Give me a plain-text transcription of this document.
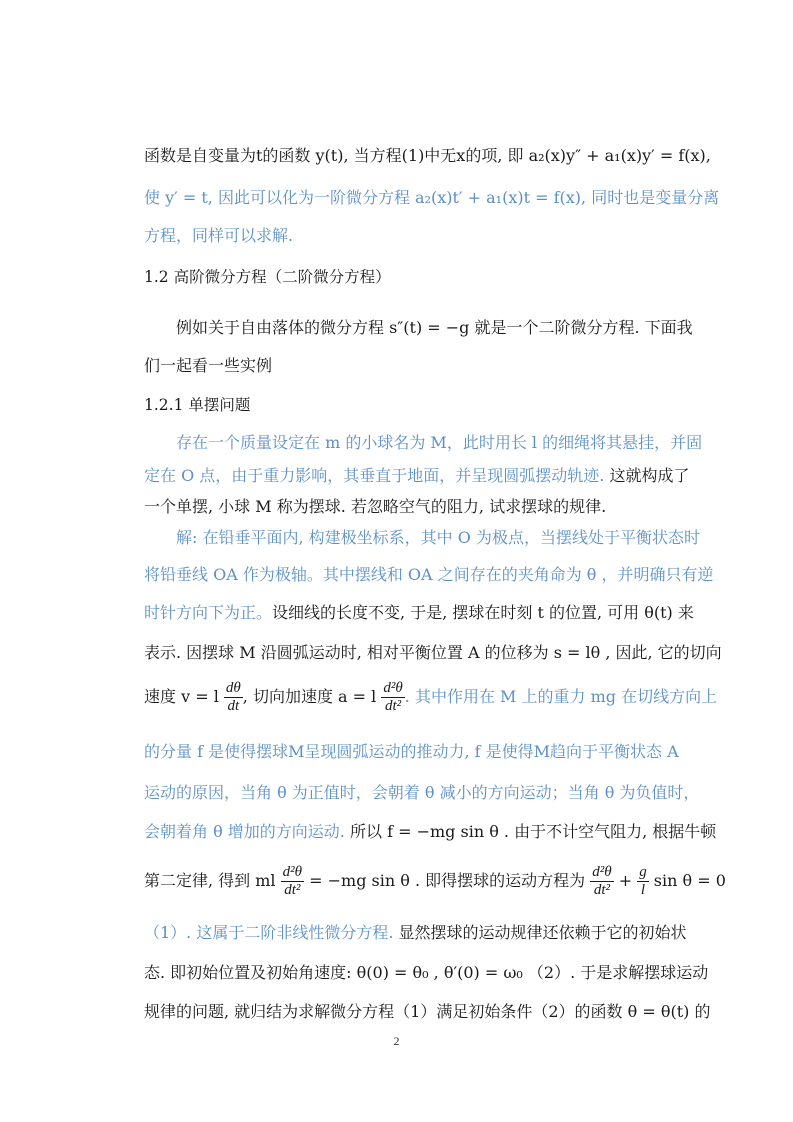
函数是自变量为t的函数 y(t), 当方程(1)中无x的项, 即 a₂(x)y″ + a₁(x)y′ = f(x),
使 y′ = t, 因此可以化为一阶微分方程 a₂(x)t′ + a₁(x)t = f(x), 同时也是变量分离
方程，同样可以求解.
1.2 高阶微分方程（二阶微分方程）
例如关于自由落体的微分方程 s″(t) = −g 就是一个二阶微分方程. 下面我
们一起看一些实例
1.2.1 单摆问题
存在一个质量设定在 m 的小球名为 M，此时用长 l 的细绳将其悬挂，并固
定在 O 点，由于重力影响，其垂直于地面，并呈现圆弧摆动轨迹. 这就构成了
一个单摆, 小球 M 称为摆球. 若忽略空气的阻力, 试求摆球的规律.
解: 在铅垂平面内, 构建极坐标系，其中 O 为极点，当摆线处于平衡状态时
将铅垂线 OA 作为极轴。其中摆线和 OA 之间存在的夹角命为 θ ，并明确只有逆
时针方向下为正。设细线的长度不变, 于是, 摆球在时刻 t 的位置, 可用 θ(t) 来
表示. 因摆球 M 沿圆弧运动时, 相对平衡位置 A 的位移为 s = lθ , 因此, 它的切向
速度 v = l $\frac{d\theta}{dt}$ , 切向加速度 a = l $\frac{\text{d²θ}}{\text{dt²}}$ . 其中作用在 M 上的重力 mg 在切线方向上
的分量 f 是使得摆球M呈现圆弧运动的推动力, f 是使得M趋向于平衡状态 A
运动的原因，当角 θ 为正值时，会朝着 θ 减小的方向运动；当角 θ 为负值时，
会朝着角 θ 增加的方向运动. 所以 f = −mg sin θ . 由于不计空气阻力, 根据牛顿
第二定律, 得到 ml $\frac{\text{d²θ}}{\text{dt²}} = -mg$ sin θ . 即得摆球的运动方程为 $\frac{\text{d²θ}}{\text{dt²}} + \frac{g}{l}$ sin θ = 0
（1）. 这属于二阶非线性微分方程. 显然摆球的运动规律还依赖于它的初始状
态. 即初始位置及初始角速度: θ(0) = θ₀ , θ′(0) = ω₀ （2）. 于是求解摆球运动
规律的问题, 就归结为求解微分方程（1）满足初始条件（2）的函数 θ = θ(t) 的
2
